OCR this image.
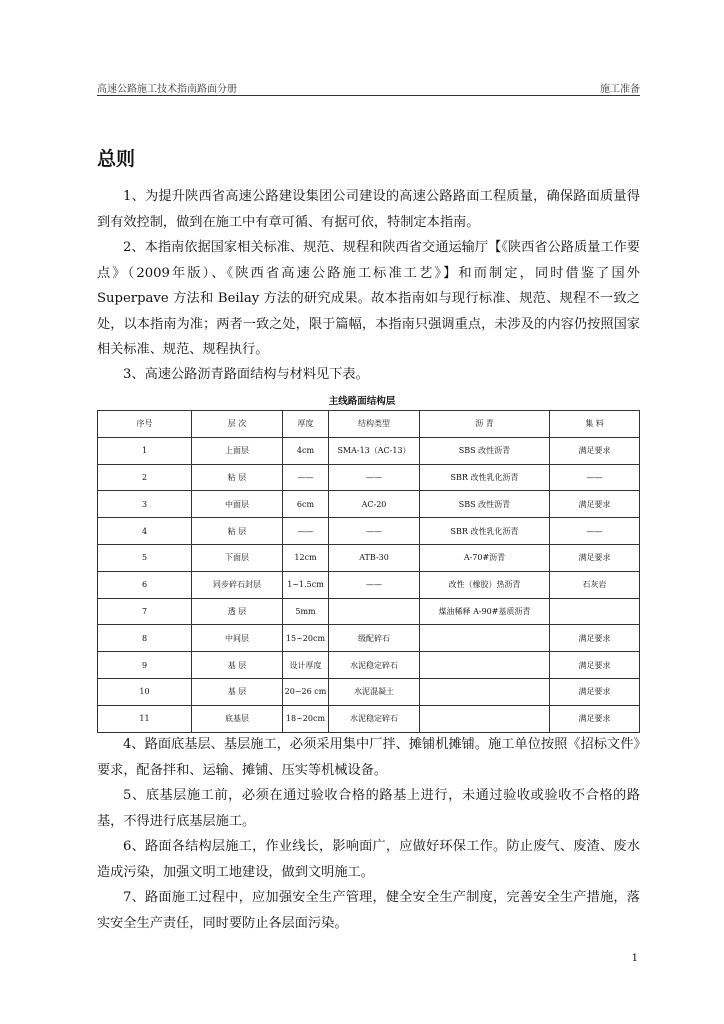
高速公路施工技术指南路面分册	施工准备
总则

1、为提升陕西省高速公路建设集团公司建设的高速公路路面工程质量，确保路面质量得到有效控制，做到在施工中有章可循、有据可依，特制定本指南。

2、本指南依据国家相关标准、规范、规程和陕西省交通运输厅【《陕西省公路质量工作要点》（2009年版）、《陕西省高速公路施工标准工艺》】和而制定，同时借鉴了国外 Superpave 方法和 Beilay 方法的研究成果。故本指南如与现行标准、规范、规程不一致之处，以本指南为准；两者一致之处，限于篇幅，本指南只强调重点，未涉及的内容仍按照国家相关标准、规范、规程执行。

3、高速公路沥青路面结构与材料见下表。

主线路面结构层
序号	层 次	厚度	结构类型	沥 青	集 料
1	上面层	4cm	SMA-13（AC-13）	SBS 改性沥青	满足要求
2	粘 层	——	——	SBR 改性乳化沥青	——
3	中面层	6cm	AC-20	SBS 改性沥青	满足要求
4	粘 层	——	——	SBR 改性乳化沥青	——
5	下面层	12cm	ATB-30	A-70#沥青	满足要求
6	同步碎石封层	1~1.5cm	——	改性（橡胶）热沥青	石灰岩
7	透 层	5mm		煤油稀释 A-90#基质沥青	
8	中间层	15~20cm	级配碎石		满足要求
9	基 层	设计厚度	水泥稳定碎石		满足要求
10	基 层	20~26 cm	水泥混凝土		满足要求
11	底基层	18~20cm	水泥稳定碎石		满足要求

4、路面底基层、基层施工，必须采用集中厂拌、摊铺机摊铺。施工单位按照《招标文件》要求，配备拌和、运输、摊铺、压实等机械设备。

5、底基层施工前，必须在通过验收合格的路基上进行，未通过验收或验收不合格的路基，不得进行底基层施工。

6、路面各结构层施工，作业线长，影响面广，应做好环保工作。防止废气、废渣、废水造成污染，加强文明工地建设，做到文明施工。

7、路面施工过程中，应加强安全生产管理，健全安全生产制度，完善安全生产措施，落实安全生产责任，同时要防止各层面污染。

1
